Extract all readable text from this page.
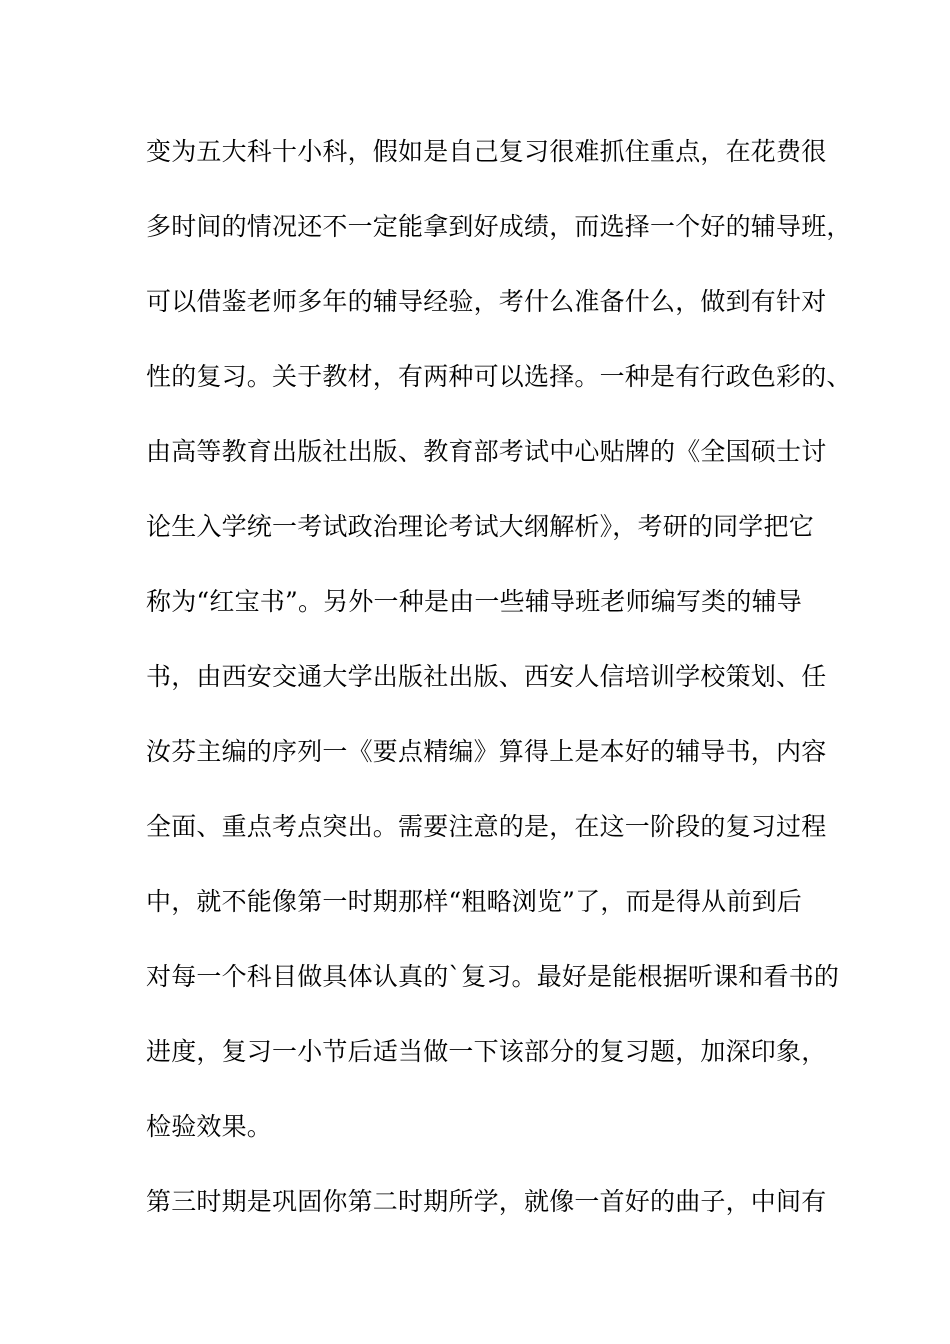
变为五大科十小科，假如是自己复习很难抓住重点，在花费很
多时间的情况还不一定能拿到好成绩，而选择一个好的辅导班，
可以借鉴老师多年的辅导经验，考什么准备什么，做到有针对
性的复习。关于教材，有两种可以选择。一种是有行政色彩的、
由高等教育出版社出版、教育部考试中心贴牌的《全国硕士讨
论生入学统一考试政治理论考试大纲解析》，考研的同学把它
称为“红宝书”。另外一种是由一些辅导班老师编写类的辅导
书，由西安交通大学出版社出版、西安人信培训学校策划、任
汝芬主编的序列一《要点精编》算得上是本好的辅导书，内容
全面、重点考点突出。需要注意的是，在这一阶段的复习过程
中，就不能像第一时期那样“粗略浏览”了，而是得从前到后
对每一个科目做具体认真的`复习。最好是能根据听课和看书的
进度，复习一小节后适当做一下该部分的复习题，加深印象，
检验效果。
第三时期是巩固你第二时期所学，就像一首好的曲子，中间有
